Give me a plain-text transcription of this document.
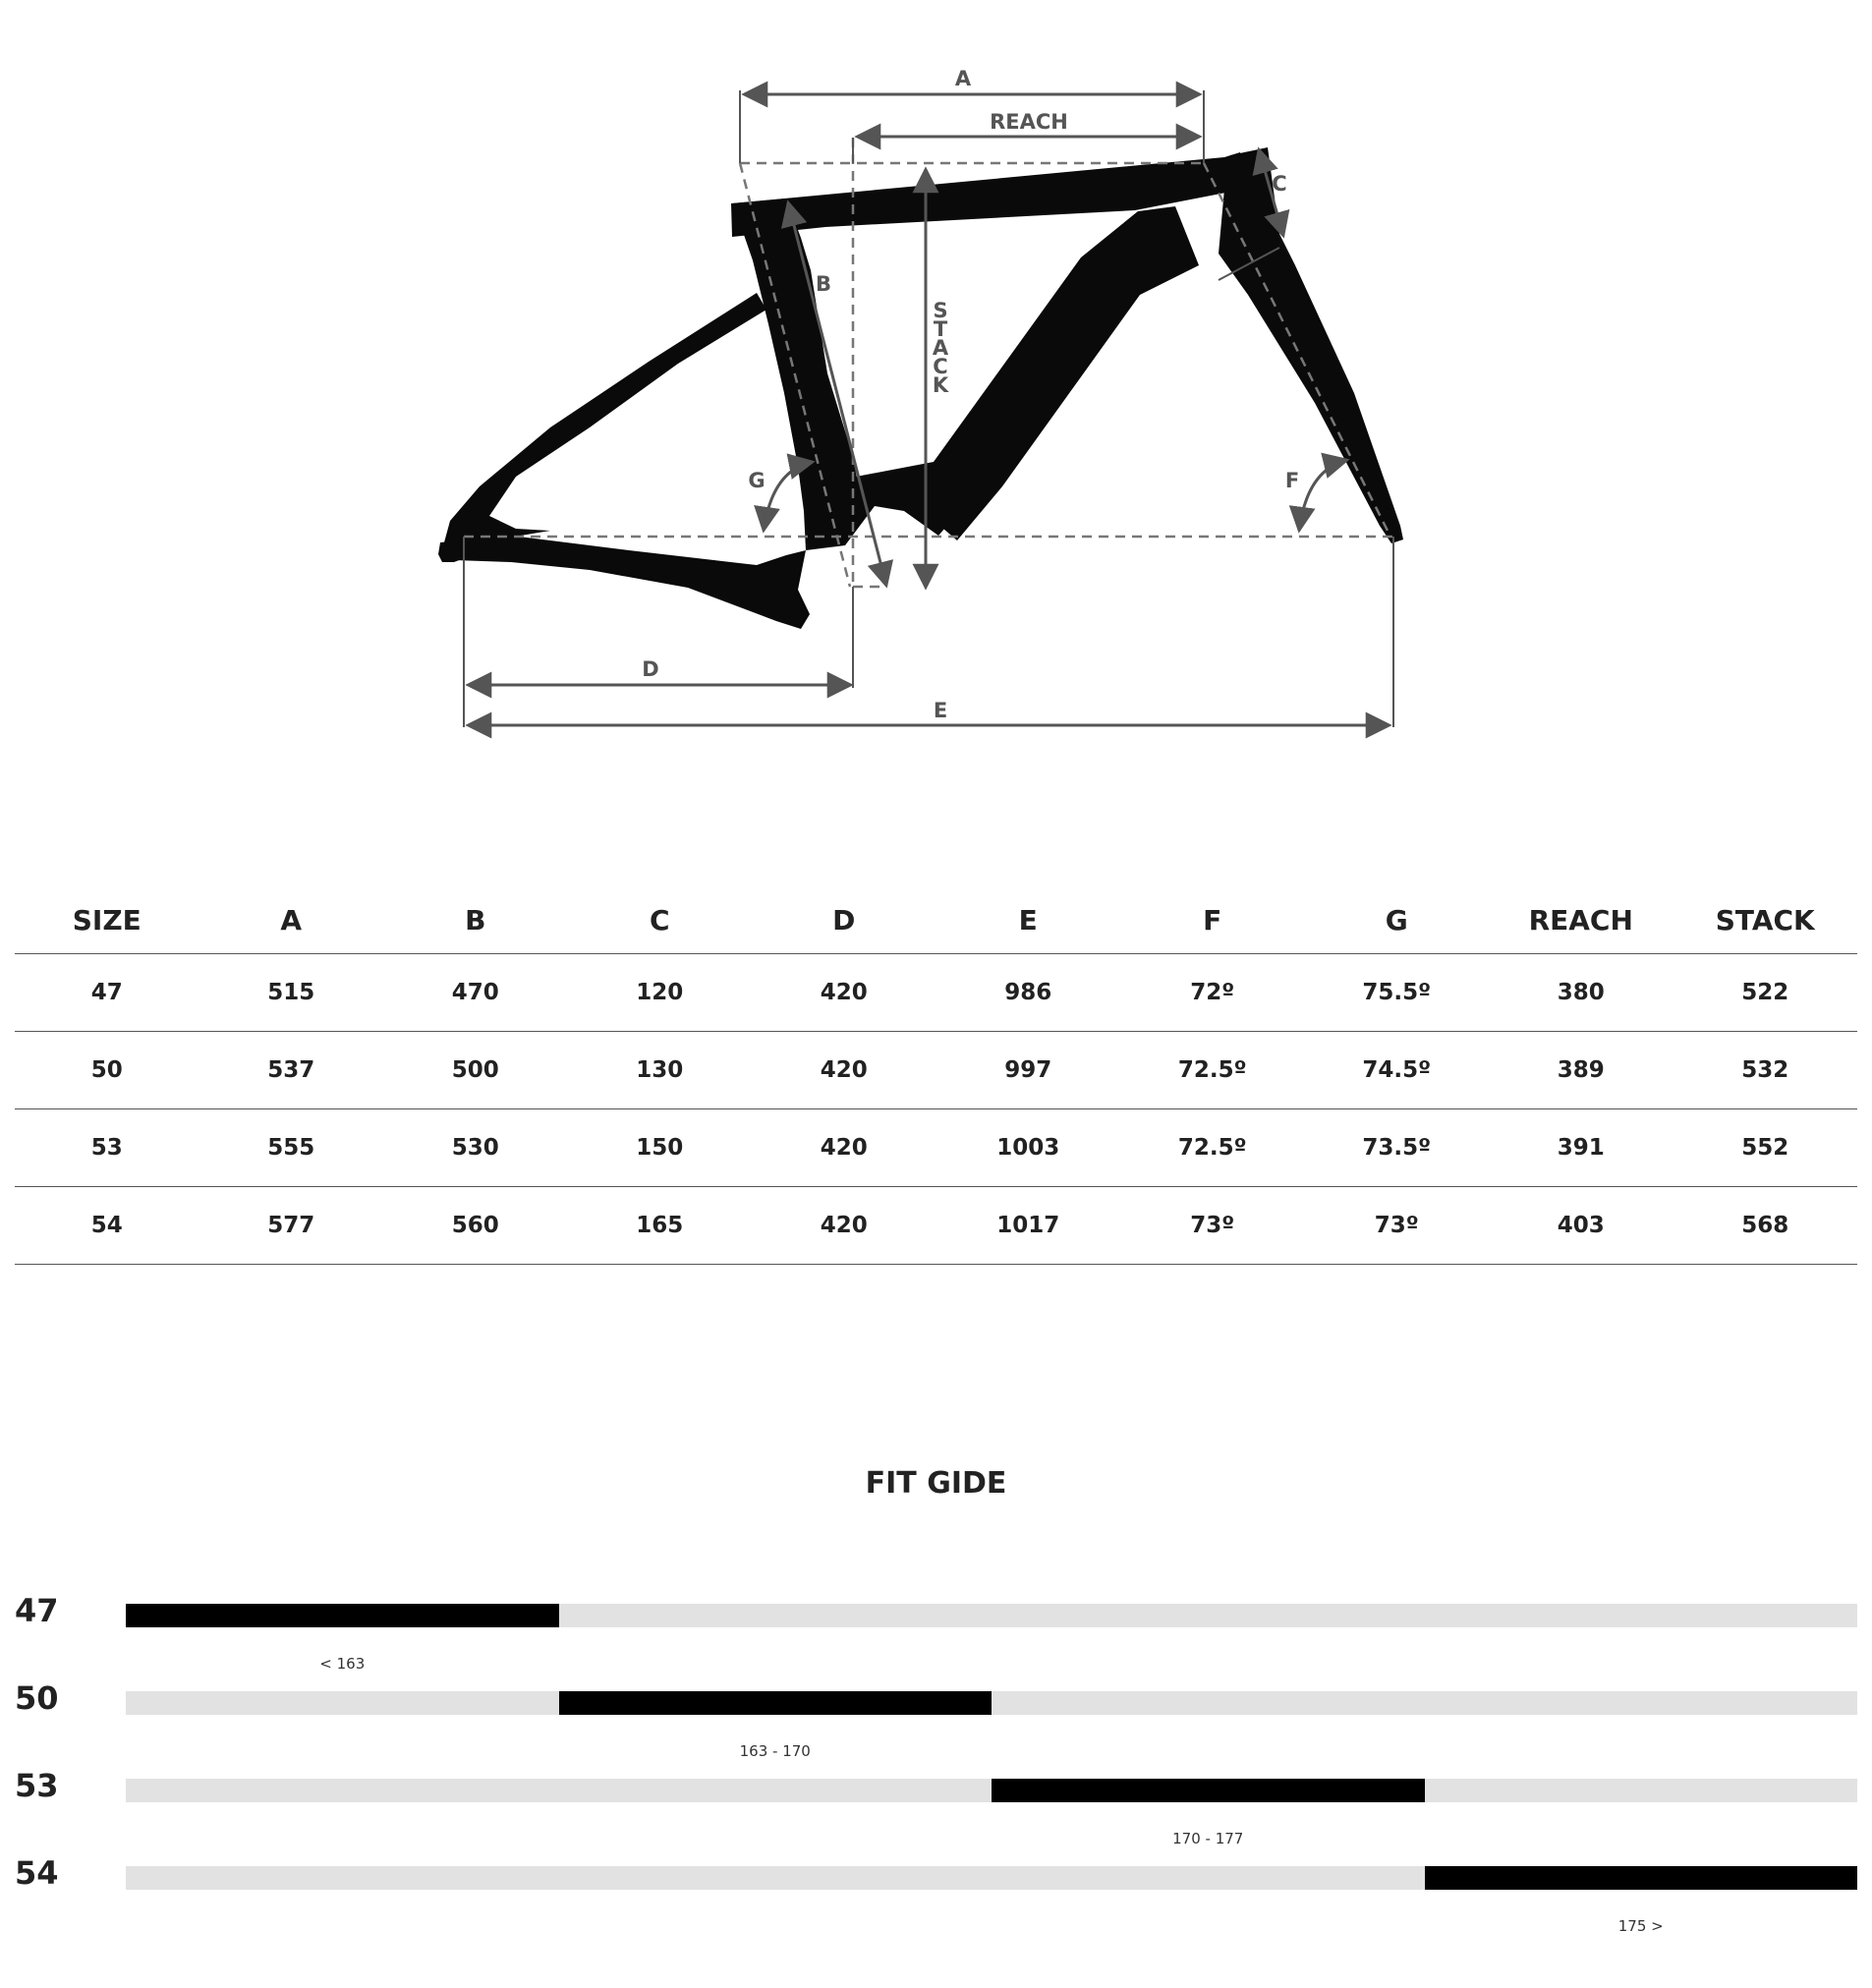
A
REACH
C
B
S
T
A
C
K
G	F
D
E
SIZE	A	B	C	D	E	F	G	REACH	STACK
47	515	470	120	420	986	72º	75.5º	380	522
50	537	500	130	420	997	72.5º	74.5º	389	532
53	555	530	150	420	1003	72.5º	73.5º	391	552
54	577	560	165	420	1017	73º	73º	403	568
FIT GIDE
47
< 163
50
163 - 170
53
170 - 177
54
175 >
